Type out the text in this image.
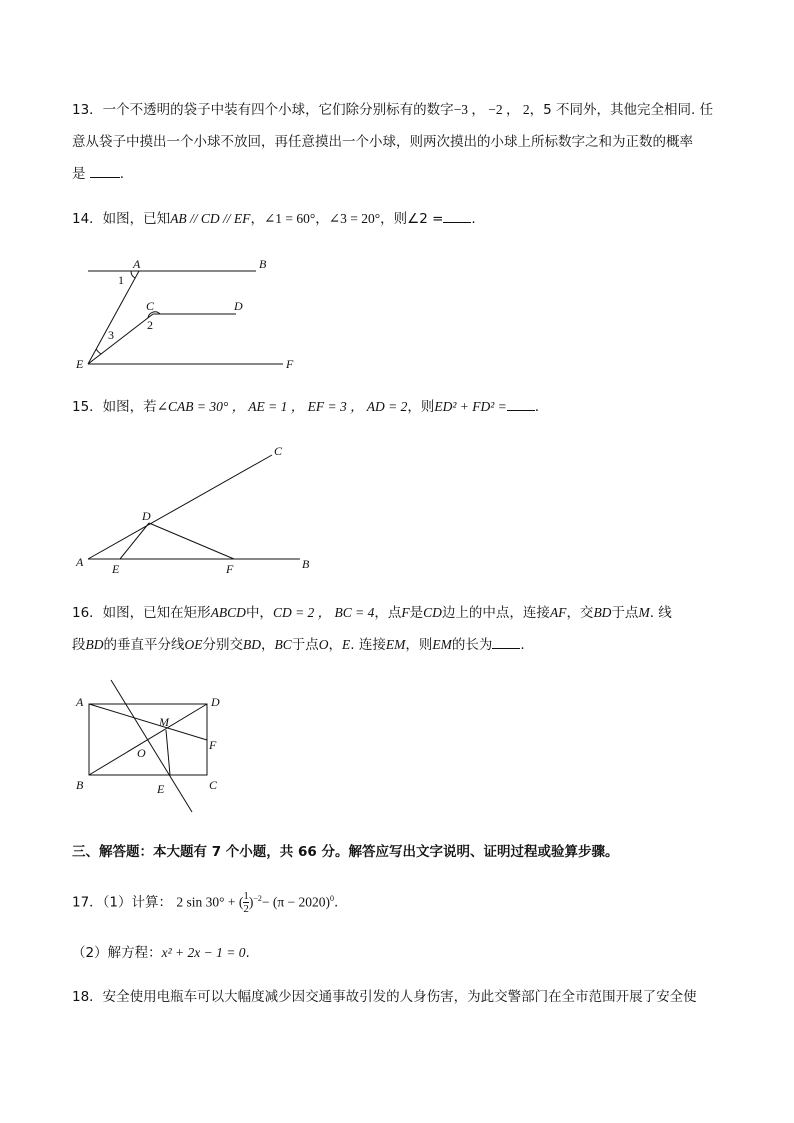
13．一个不透明的袋子中装有四个小球，它们除分别标有的数字−3 ， −2 ， 2，5 不同外，其他完全相同. 任
意从袋子中摸出一个小球不放回，再任意摸出一个小球，则两次摸出的小球上所标数字之和为正数的概率
是	.
14．如图，已知AB // CD // EF，∠1 = 60°，∠3 = 20°，则∠2 = .
A	B
C	D
E	F
1
2
3
15．如图，若∠CAB = 30° ， AE = 1 ， EF = 3 ， AD = 2，则ED² + FD² = .
A	B
C
D
E	F
16．如图，已知在矩形ABCD中，CD = 2 ， BC = 4，点F是CD边上的中点，连接AF，交BD于点M. 线
段BD的垂直平分线OE分别交BD，BC于点O，E. 连接EM，则EM的长为 .
A
B	C
D
E
F
M
O
三、解答题：本大题有 7 个小题，共 66 分。解答应写出文字说明、证明过程或验算步骤。
17．（1）计算： 2 sin 30° + ( $\frac{1}{2} )^{-2}- (\pi - 2020)^0$.
（2）解方程：x² + 2x − 1 = 0.
18．安全使用电瓶车可以大幅度减少因交通事故引发的人身伤害，为此交警部门在全市范围开展了安全使
